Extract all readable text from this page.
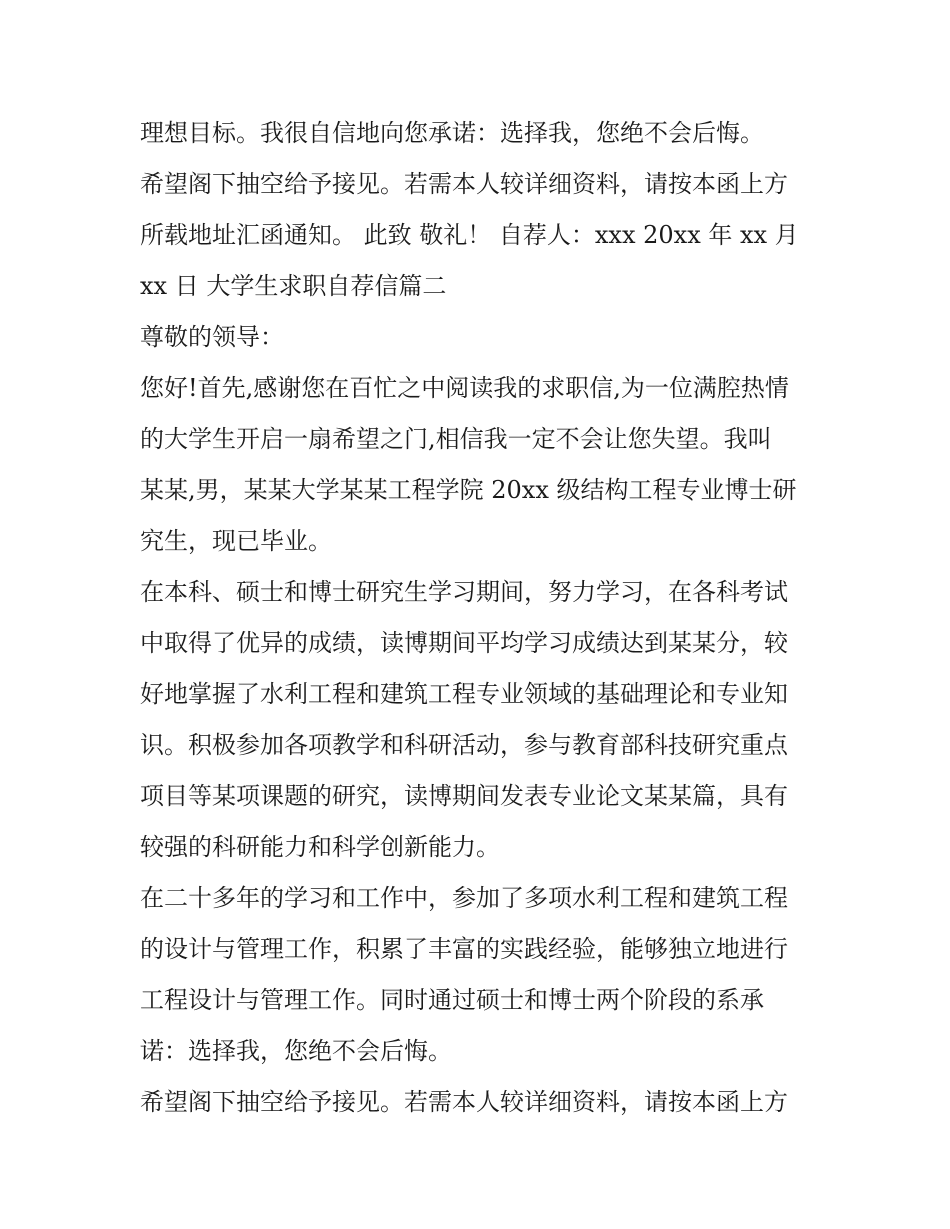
理想目标。我很自信地向您承诺：选择我，您绝不会后悔。
希望阁下抽空给予接见。若需本人较详细资料，请按本函上方
所载地址汇函通知。 此致 敬礼！ 自荐人：xxx 20xx 年 xx 月
xx 日 大学生求职自荐信篇二
尊敬的领导：
您好!首先,感谢您在百忙之中阅读我的求职信,为一位满腔热情
的大学生开启一扇希望之门,相信我一定不会让您失望。我叫
某某,男，某某大学某某工程学院 20xx 级结构工程专业博士研
究生，现已毕业。
在本科、硕士和博士研究生学习期间，努力学习，在各科考试
中取得了优异的成绩，读博期间平均学习成绩达到某某分，较
好地掌握了水利工程和建筑工程专业领域的基础理论和专业知
识。积极参加各项教学和科研活动，参与教育部科技研究重点
项目等某项课题的研究，读博期间发表专业论文某某篇，具有
较强的科研能力和科学创新能力。
在二十多年的学习和工作中，参加了多项水利工程和建筑工程
的设计与管理工作，积累了丰富的实践经验，能够独立地进行
工程设计与管理工作。同时通过硕士和博士两个阶段的系承
诺：选择我，您绝不会后悔。
希望阁下抽空给予接见。若需本人较详细资料，请按本函上方
